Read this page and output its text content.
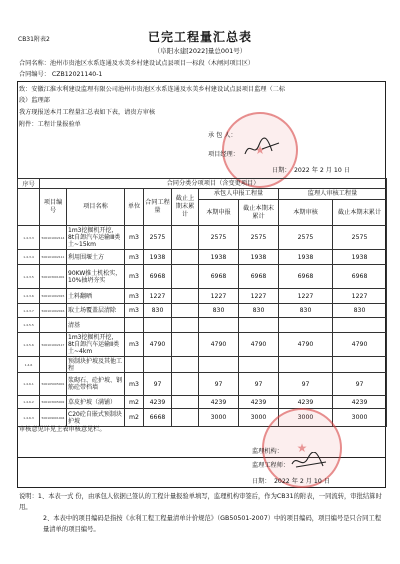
CB31附表2	已完工程量汇总表
（阜阳水建[2022]量总001号）
合同名称：池州市贵池区水系连通及水美乡村建设试点县项目一标段（木闸河项目区）
合同编号： CZB12021140-1
致：安徽江淮水利建设监理有限公司池州市贵池区水系连通及水美乡村建设试点县项目监理（二标
段）监理部
我方现报送本月工程量汇总表如下表，请贵方审核
附件：工程计量报验单
★
承 包 人：
项目经理：
日期： 2022 年 2 月 10 日
序号	合同分类分项项目（含变更项目）								
	项目编号	项目名称	单位	合同工程量	截止上期末累计	承包人申报工程量		监理人审核工程量	
						本期申报	截止本期末累计	本期审核	截止本期末累计
1.4.3.3	500101002114	1m3挖掘机开挖，8t自卸汽车运输Ⅲ类土~15km	m3	2575		2575	2575	2575	2575
1.4.3.4	500101002111	利用围堰土方	m3	1938		1938	1938	1938	1938
1.4.3.5	500103001001	90KW推土机松实，10%抽坍夯实	m3	6968		6968	6968	6968	6968
1.4.3.6	500101002015	土料翻晒	m3	1227		1227	1227	1227	1227
1.4.3.7	500101002016	取土场覆盖层清除	m3	830		830	830	830	830
1.4.5.5		清基							
1.4.5.6	500101002117	1m3挖掘机开挖，8t自卸汽车运输Ⅱ类土~4km	m3	4790		4790	4790	4790	4790
1.4.6		预制块护坡及其他工程							
1.4.6.1	500105005001	浆砌石、砼护坡、钢筋砼带档墙	m3	97		97	97	97	97
1.4.6.2	500103005002	草皮护坡（满铺）	m2	4239		4239	4239	4239	4239
1.4.6.3	500109001004	C20砼自嵌式预制块护坡	m2	6668		3000	3000	3000	3000
审核意见详见上表审核意见栏。
★
监理机构：
监理工程师：
日期： 2022 年 2 月 10 日

说明：1、本表一式 份，由承包人依据已签认的工程计量报验单填写，监理机构审签后，作为CB31的附表，一同流转，审批结算时用。

2、本表中的项目编码是指按《水利工程工程量清单计价规范》（GB50501-2007）中的项目编码，项目编号是只合同工程量清单的项目编号。
